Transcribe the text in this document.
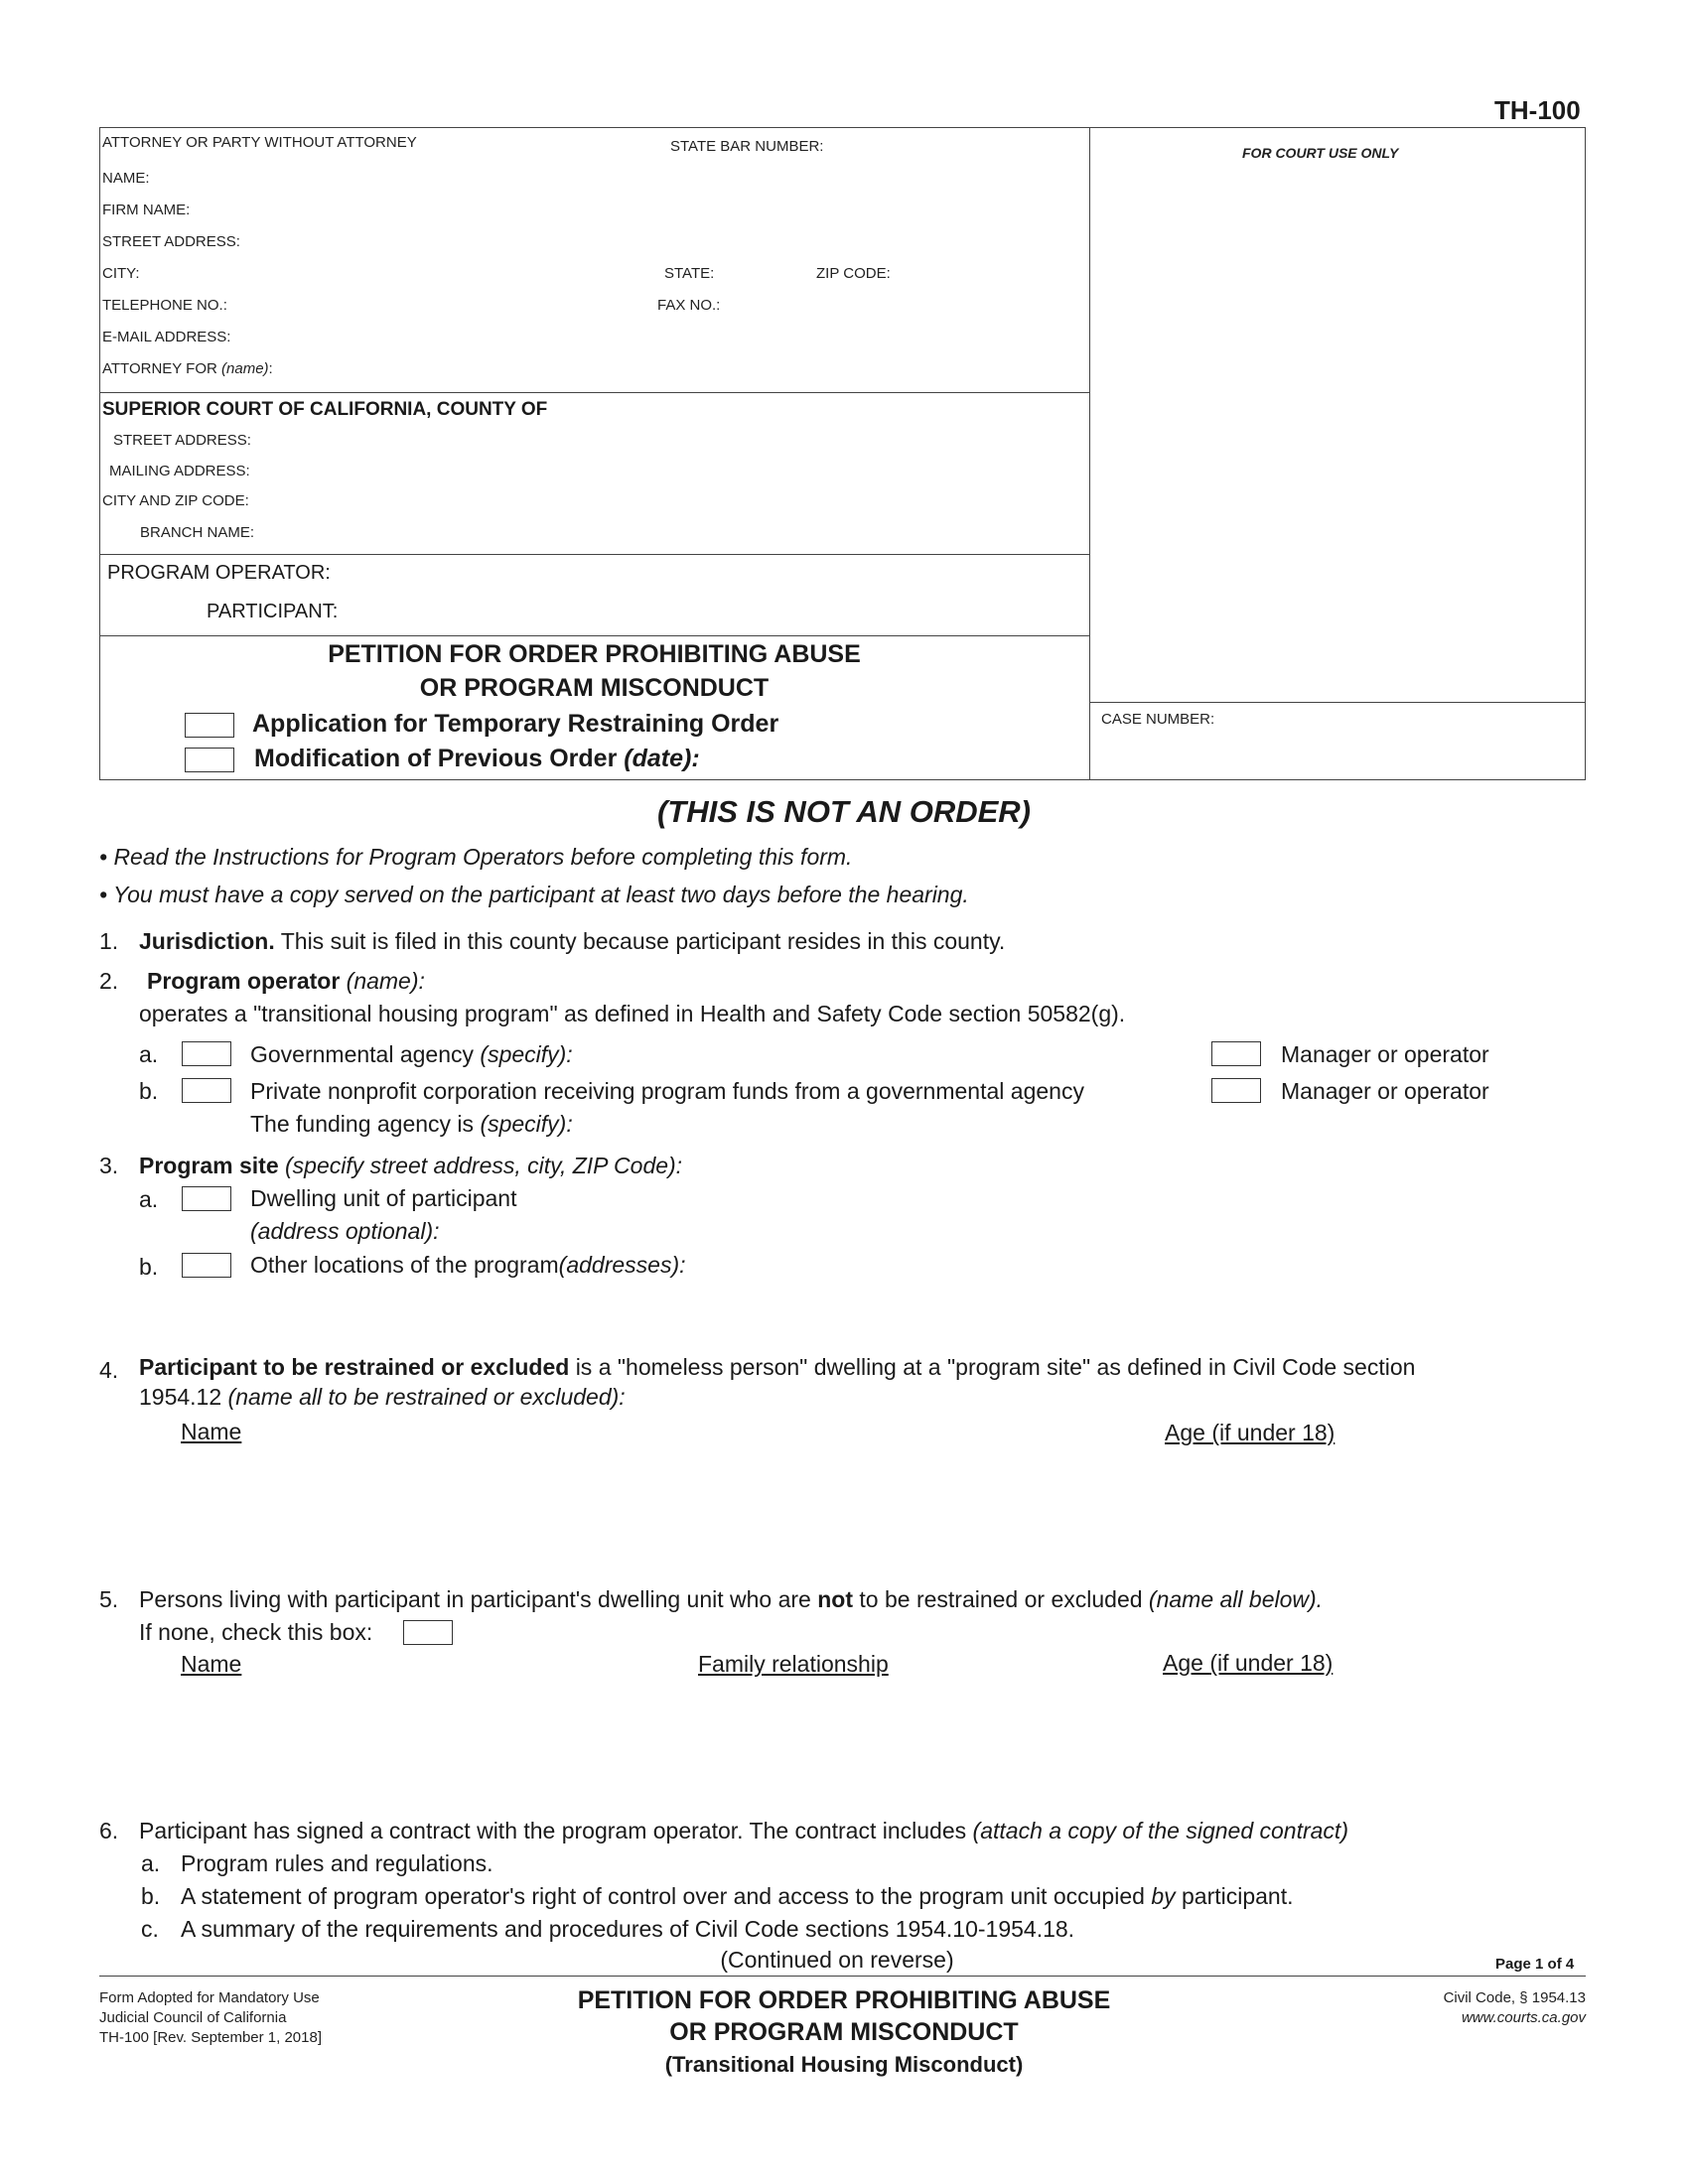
TH-100
ATTORNEY OR PARTY WITHOUT ATTORNEY	STATE BAR NUMBER:	FOR COURT USE ONLY
NAME:
FIRM NAME:
STREET ADDRESS:
CITY:	STATE:	ZIP CODE:
TELEPHONE NO.:	FAX NO.:
E-MAIL ADDRESS:
ATTORNEY FOR (name):
SUPERIOR COURT OF CALIFORNIA, COUNTY OF
STREET ADDRESS:
MAILING ADDRESS:
CITY AND ZIP CODE:
BRANCH NAME:
PROGRAM OPERATOR:
PARTICIPANT:
PETITION FOR ORDER PROHIBITING ABUSE
OR PROGRAM MISCONDUCT
Application for Temporary Restraining Order
Modification of Previous Order (date):
CASE NUMBER:
(THIS IS NOT AN ORDER)
• Read the Instructions for Program Operators before completing this form.
• You must have a copy served on the participant at least two days before the hearing.
1. Jurisdiction. This suit is filed in this county because participant resides in this county.
2. Program operator (name):
operates a "transitional housing program" as defined in Health and Safety Code section 50582(g).
a.	Governmental agency (specify):	Manager or operator
b.	Private nonprofit corporation receiving program funds from a governmental agency	Manager or operator
The funding agency is (specify):
3. Program site (specify street address, city, ZIP Code):
a.	Dwelling unit of participant
(address optional):
b.	Other locations of the program(addresses):
4. Participant to be restrained or excluded is a "homeless person" dwelling at a "program site" as defined in Civil Code section
1954.12 (name all to be restrained or excluded):
Name	Age (if under 18)
5. Persons living with participant in participant's dwelling unit who are not to be restrained or excluded (name all below).
If none, check this box:
Name	Family relationship	Age (if under 18)
6. Participant has signed a contract with the program operator. The contract includes (attach a copy of the signed contract)
a. Program rules and regulations.
b. A statement of program operator's right of control over and access to the program unit occupied by participant.
c. A summary of the requirements and procedures of Civil Code sections 1954.10-1954.18.
(Continued on reverse)	Page 1 of 4
Form Adopted for Mandatory Use
Judicial Council of California
TH-100 [Rev. September 1, 2018]
PETITION FOR ORDER PROHIBITING ABUSE
OR PROGRAM MISCONDUCT
(Transitional Housing Misconduct)
Civil Code, § 1954.13
www.courts.ca.gov
